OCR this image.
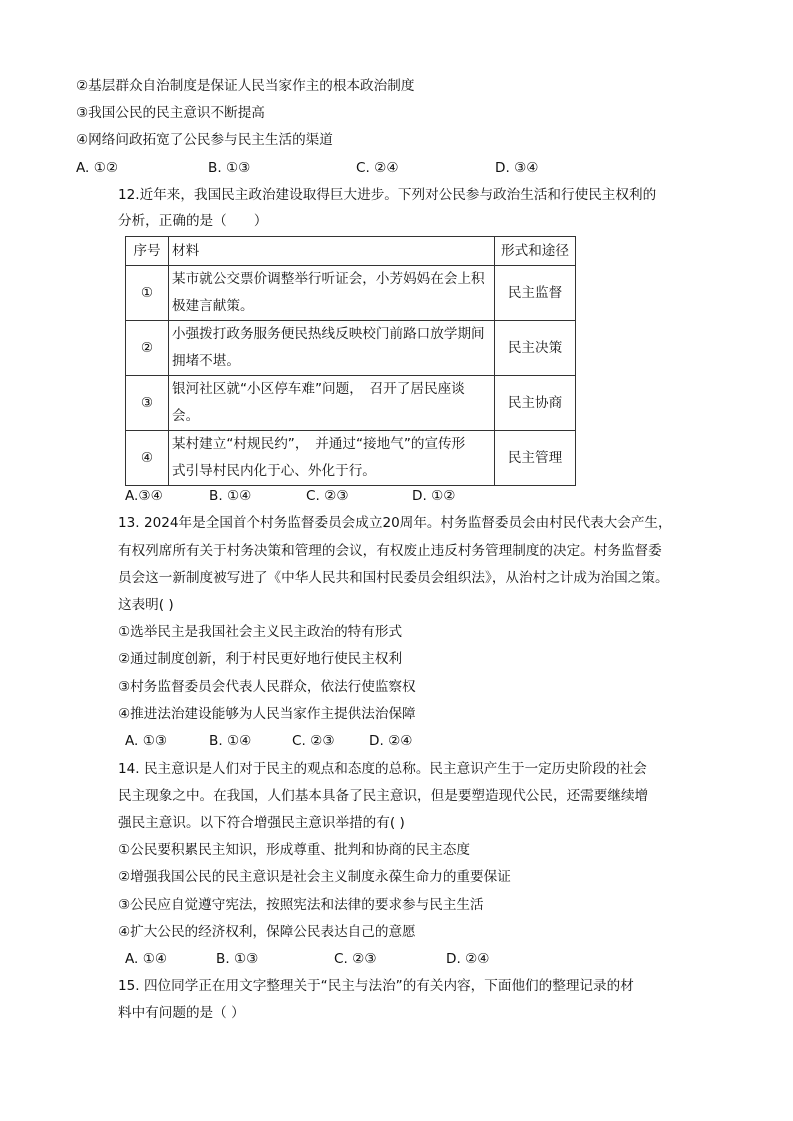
②基层群众自治制度是保证人民当家作主的根本政治制度
③我国公民的民主意识不断提高
④网络问政拓宽了公民参与民主生活的渠道
A. ①②	B. ①③	C. ②④	D. ③④
12.近年来，我国民主政治建设取得巨大进步。下列对公民参与政治生活和行使民主权利的
分析，正确的是（　　）
序号	材料	形式和途径
①	某市就公交票价调整举行听证会，小芳妈妈在会上积
极建言献策。	民主监督
②	小强拨打政务服务便民热线反映校门前路口放学期间
拥堵不堪。	民主决策
③	银河社区就“小区停车难”问题，　召开了居民座谈
会。	民主协商
④	某村建立“村规民约”，　并通过“接地气”的宣传形
式引导村民内化于心、外化于行。	民主管理
A.③④	B. ①④	C. ②③	D. ①②
13. 2024年是全国首个村务监督委员会成立20周年。村务监督委员会由村民代表大会产生，
有权列席所有关于村务决策和管理的会议，有权废止违反村务管理制度的决定。村务监督委
员会这一新制度被写进了《中华人民共和国村民委员会组织法》，从治村之计成为治国之策。
这表明( )
①选举民主是我国社会主义民主政治的特有形式
②通过制度创新，利于村民更好地行使民主权利
③村务监督委员会代表人民群众，依法行使监察权
④推进法治建设能够为人民当家作主提供法治保障
A. ①③	B. ①④	C. ②③	D. ②④
14. 民主意识是人们对于民主的观点和态度的总称。民主意识产生于一定历史阶段的社会
民主现象之中。在我国，人们基本具备了民主意识，但是要塑造现代公民，还需要继续增
强民主意识。以下符合增强民主意识举措的有( )
①公民要积累民主知识，形成尊重、批判和协商的民主态度
②增强我国公民的民主意识是社会主义制度永葆生命力的重要保证
③公民应自觉遵守宪法，按照宪法和法律的要求参与民主生活
④扩大公民的经济权利，保障公民表达自己的意愿
A. ①④	B. ①③	C. ②③	D. ②④
15. 四位同学正在用文字整理关于“民主与法治”的有关内容，下面他们的整理记录的材
料中有问题的是（ ）
